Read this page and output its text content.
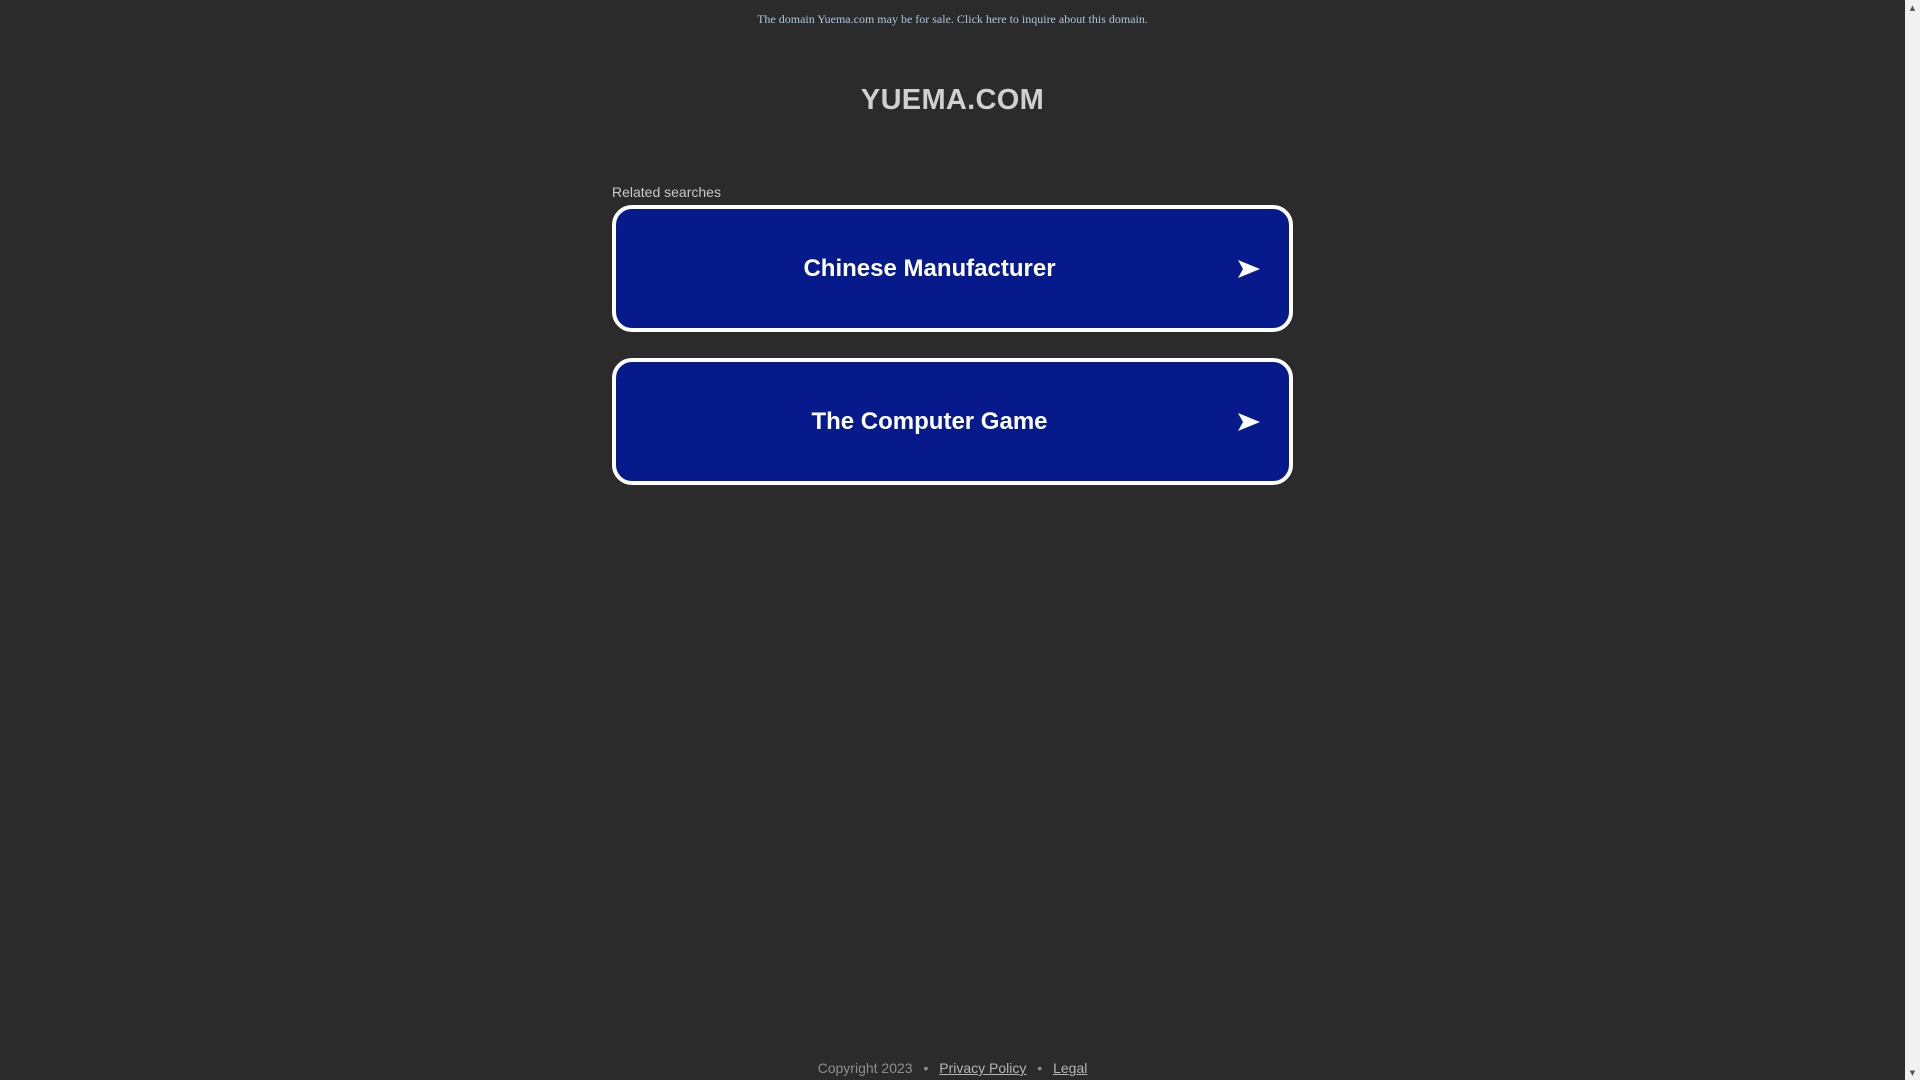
The domain Yuema.com may be for sale. Click here to inquire about this domain.
YUEMA.COM
Related searches
Chinese Manufacturer
The Computer Game
Copyright 2023 • Privacy Policy • Legal
▲
▼
